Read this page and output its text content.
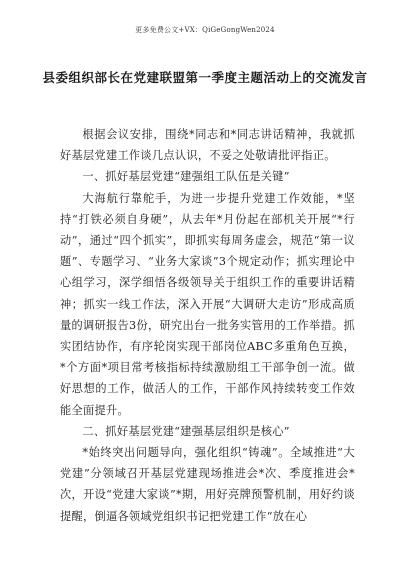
更多免费公文+VX：QiGeGongWen2024
县委组织部长在党建联盟第一季度主题活动上的交流发言

根据会议安排，围绕*同志和*同志讲话精神，我就抓好基层党建工作谈几点认识，不妥之处敬请批评指正。

一、抓好基层党建“建强组工队伍是关键”

大海航行靠舵手，为进一步提升党建工作效能，*坚持“打铁必须自身硬”，从去年*月份起在部机关开展“*行动”，通过“四个抓实”，即抓实每周务虚会，规范“第一议题”、专题学习、“业务大家谈”3个规定动作；抓实理论中心组学习，深学细悟各级领导关于组织工作的重要讲话精神；抓实一线工作法，深入开展“大调研大走访”形成高质量的调研报告3份，研究出台一批务实管用的工作举措。抓实团结协作，有序轮岗实现干部岗位ABC多重角色互换，*个方面*项目常考核指标持续激励组工干部争创一流。做好思想的工作，做活人的工作，干部作风持续转变工作效能全面提升。

二、抓好基层党建“建强基层组织是核心”

*始终突出问题导向，强化组织“铸魂”。全域推进“大党建”分领域召开基层党建现场推进会*次、季度推进会*次，开设“党建大家谈”*期，用好亮牌预警机制，用好约谈提醒，倒逼各领域党组织书记把党建工作“放在心
